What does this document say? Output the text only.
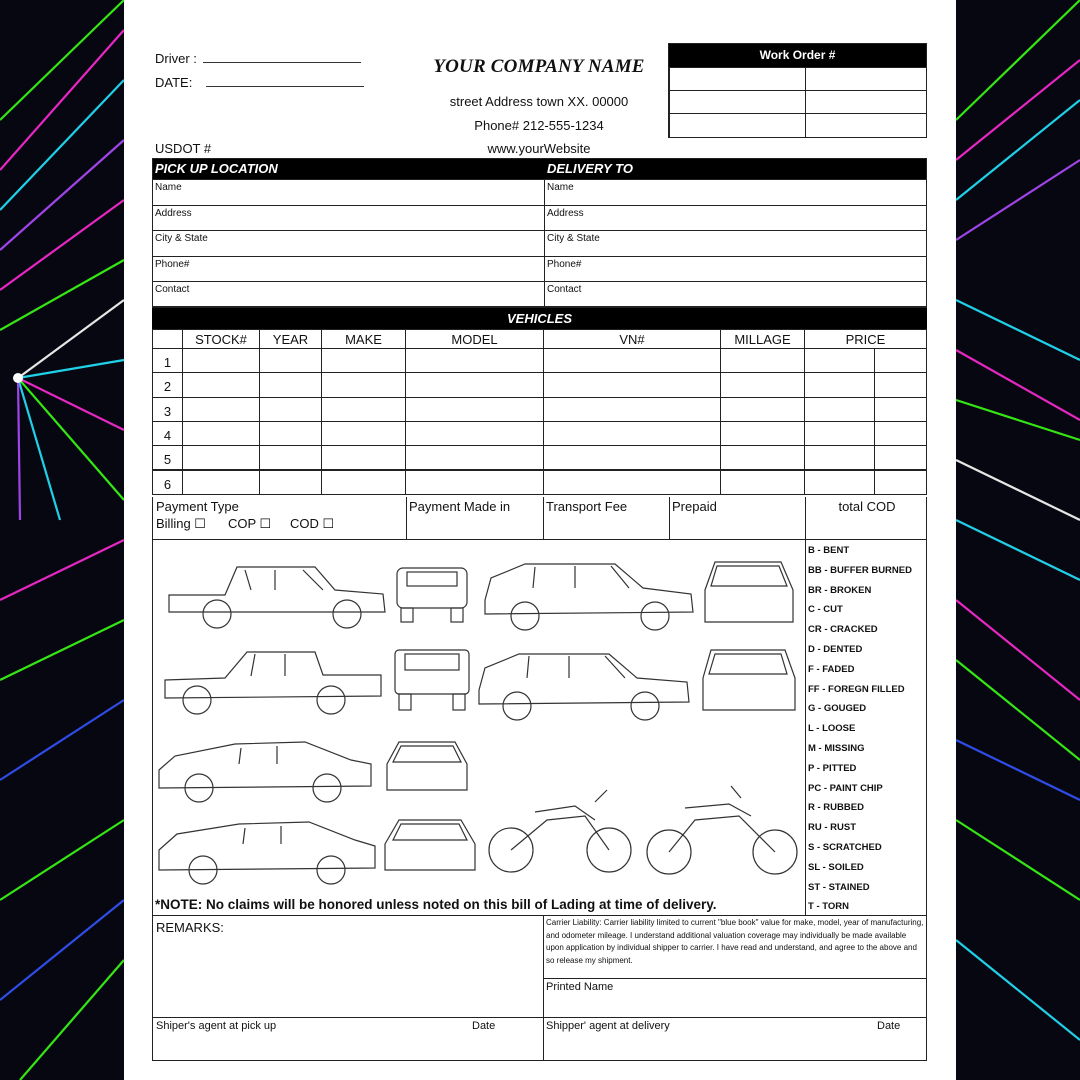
Driver :
DATE:
USDOT #
YOUR COMPANY NAME
street Address town XX. 00000
Phone# 212-555-1234
www.yourWebsite
Work Order #
PICK UP LOCATION	DELIVERY TO
Name
Address
City & State
Phone#
Contact
Name
Address
City & State
Phone#
Contact
VEHICLES
STOCK#	YEAR	MAKE	MODEL	VN#	MILLAGE	PRICE
1
2
3
4
5
6
Payment Type
Billing ☐ COP ☐ COD ☐
Payment Made in	Transport Fee	Prepaid	total COD
B - BENT
BB - BUFFER BURNED
BR - BROKEN
C - CUT
CR - CRACKED
D - DENTED
F - FADED
FF - FOREGN FILLED
G - GOUGED
L - LOOSE
M - MISSING
P - PITTED
PC - PAINT CHIP
R - RUBBED
RU - RUST
S - SCRATCHED
SL - SOILED
ST - STAINED
T - TORN
*NOTE: No claims will be honored unless noted on this bill of Lading at time of delivery.
REMARKS:	Carrier Liability: Carrier liability limited to current "blue book" value for make, model, year of manufacturing, and odometer mileage. I understand additional valuation coverage may individually be made available upon application by individual shipper to carrier. I have read and understand, and agree to the above and so release my shipment.
Printed Name
Shiper's agent at pick up	Date	Shipper' agent at delivery	Date
